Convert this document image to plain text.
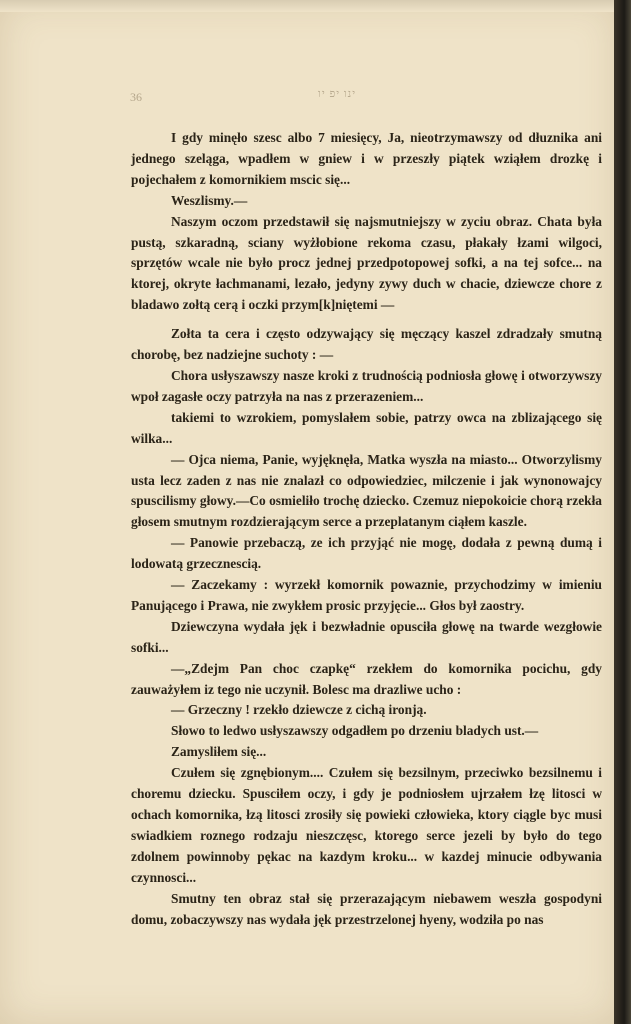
36	ינו יפ יו

I gdy minęło szesc albo 7 miesięcy, Ja, nieotrzymawszy od dłuznika ani jednego szeląga, wpadłem w gniew i w przeszły piątek wziąłem drozkę i pojechałem z komornikiem mscic się...

Weszlismy.—

Naszym oczom przedstawił się najsmutniejszy w zyciu obraz. Chata była pustą, szkaradną, sciany wyżłobione rekoma czasu, płakały łzami wilgoci, sprzętów wcale nie było procz jednej przedpotopowej sofki, a na tej sofce... na ktorej, okryte łachmanami, lezało, jedyny zywy duch w chacie, dziewcze chore z bladawo zołtą cerą i oczki przym[k]niętemi —

Zołta ta cera i często odzywający się męczący kaszel zdradzały smutną chorobę, bez nadziejne suchoty : —

Chora usłyszawszy nasze kroki z trudnością podniosła głowę i otworzywszy wpoł zagasłe oczy patrzyła na nas z przerazeniem...

takiemi to wzrokiem, pomyslałem sobie, patrzy owca na zblizającego się wilka...

— Ojca niema, Panie, wyjęknęła, Matka wyszła na miasto... Otworzylismy usta lecz zaden z nas nie znalazł co odpowiedziec, milczenie i jak wynonowajcy spuscilismy głowy.—Co osmieliło trochę dziecko. Czemuz niepokoicie chorą rzekła głosem smutnym rozdzierającym serce a przeplatanym ciąłem kaszle.

— Panowie przebaczą, ze ich przyjąć nie mogę, dodała z pewną dumą i lodowatą grzecznescią.

— Zaczekamy : wyrzekł komornik powaznie, przychodzimy w imieniu Panującego i Prawa, nie zwykłem prosic przyjęcie... Głos był zaostry.

Dziewczyna wydała jęk i bezwładnie opusciła głowę na twarde wezgłowie sofki...

—„Zdejm Pan choc czapkę“ rzekłem do komornika pocichu, gdy zauważyłem iz tego nie uczynił. Bolesc ma drazliwe ucho :

— Grzeczny ! rzekło dziewcze z cichą ironją.

Słowo to ledwo usłyszawszy odgadłem po drzeniu bladych ust.—

Zamysliłem się...

Czułem się zgnębionym.... Czułem się bezsilnym, przeciwko bezsilnemu i choremu dziecku. Spusciłem oczy, i gdy je podniosłem ujrzałem łzę litosci w ochach komornika, łzą litosci zrosiły się powieki człowieka, ktory ciągle byc musi swiadkiem roznego rodzaju nieszczęsc, ktorego serce jezeli by było do tego zdolnem powinnoby pękac na kazdym kroku... w kazdej minucie odbywania czynnosci...

Smutny ten obraz stał się przerazającym niebawem weszła gospodyni domu, zobaczywszy nas wydała jęk przestrzelonej hyeny, wodziła po nas
